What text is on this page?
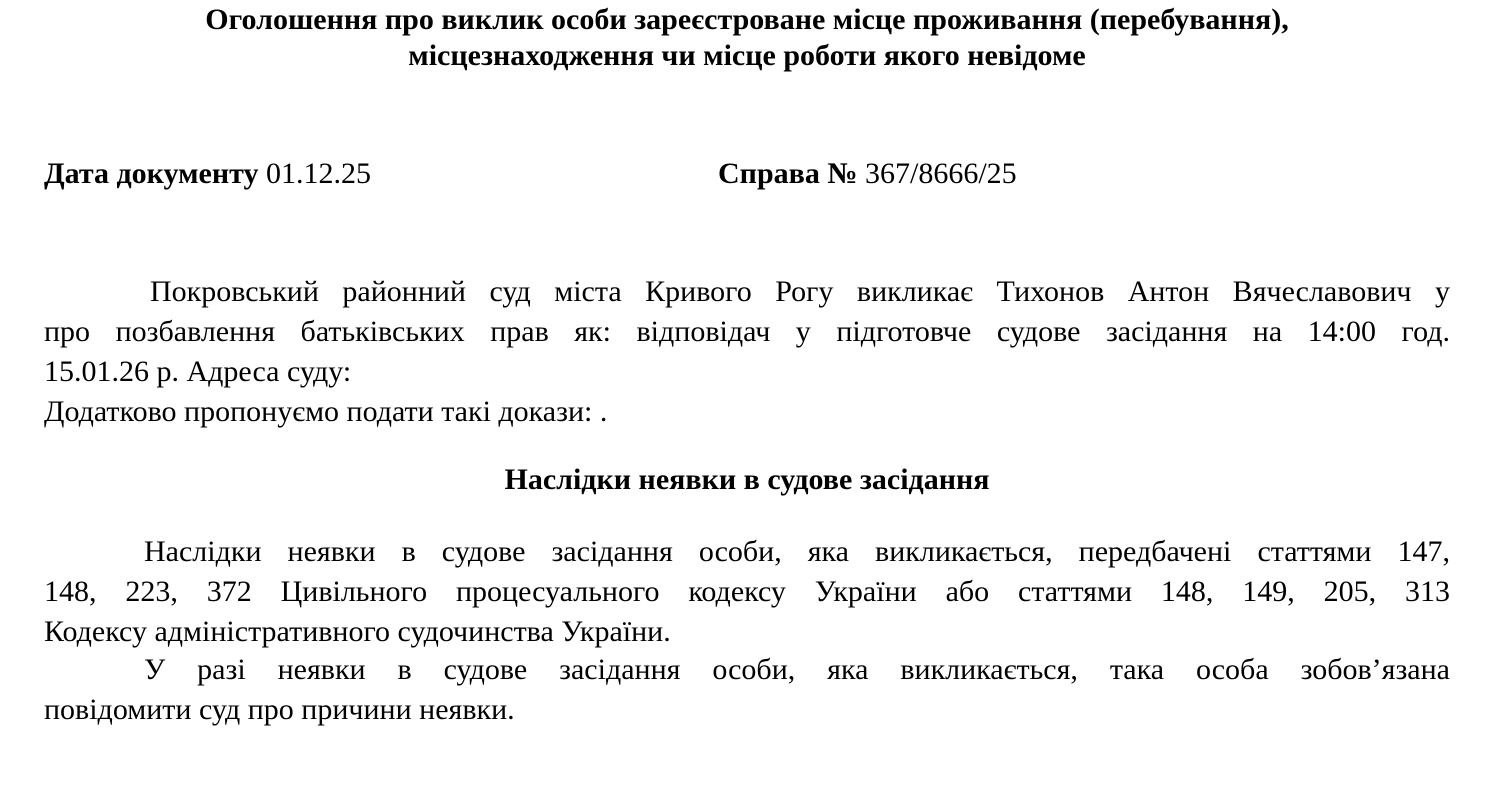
Оголошення про виклик особи зареєстроване місце проживання (перебування),
місцезнаходження чи місце роботи якого невідоме
Дата документу 01.12.25	Справа № 367/8666/25
Покровський районний суд міста Кривого Рогу викликає Тихонов Антон Вячеславович у
про позбавлення батьківських прав як: відповідач у підготовче судове засідання на 14:00 год.
15.01.26 р. Адреса суду:
Додатково пропонуємо подати такі докази: .
Наслідки неявки в судове засідання
Наслідки неявки в судове засідання особи, яка викликається, передбачені статтями 147,
148, 223, 372 Цивільного процесуального кодексу України або статтями 148, 149, 205, 313
Кодексу адміністративного судочинства України.
У разі неявки в судове засідання особи, яка викликається, така особа зобов’язана
повідомити суд про причини неявки.
